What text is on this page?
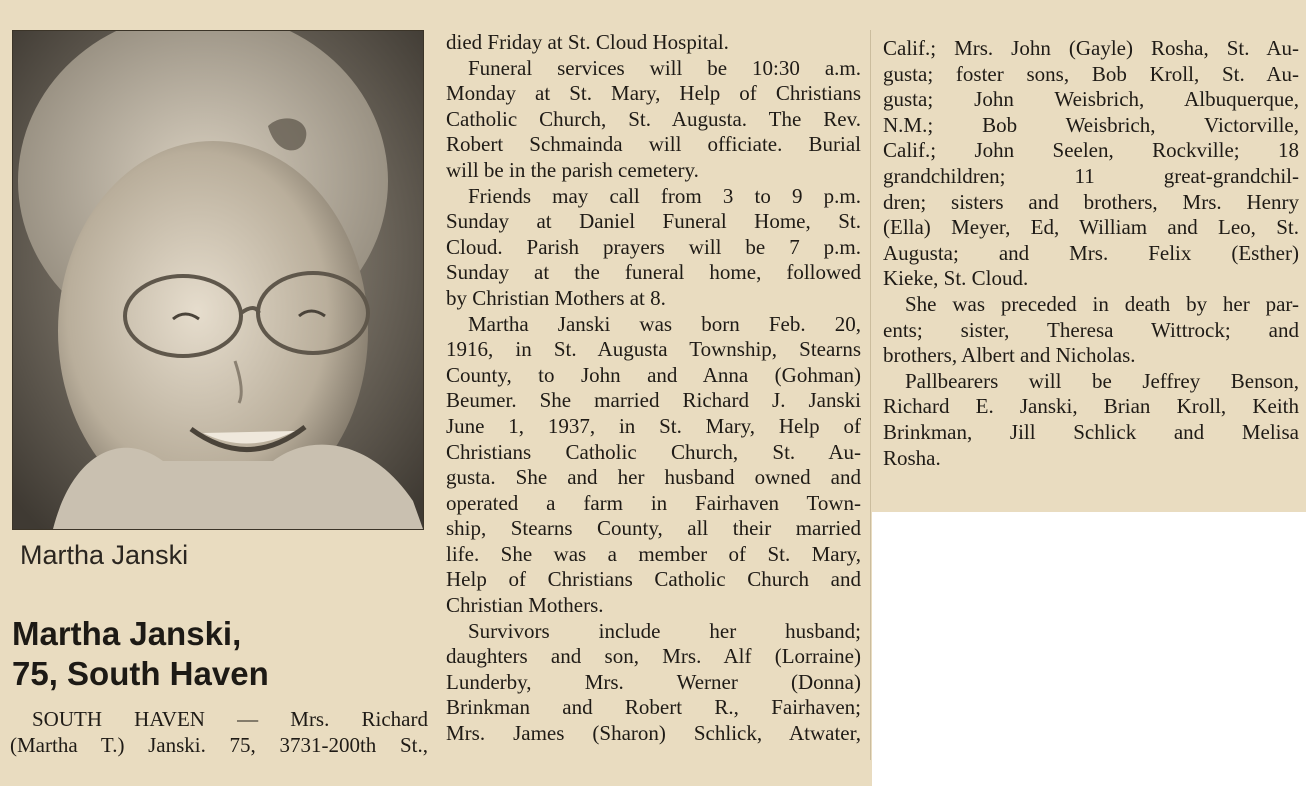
Martha Janski
Martha Janski,
75, South Haven
SOUTH HAVEN — Mrs. Richard
(Martha T.) Janski. 75, 3731-200th St.,
died Friday at St. Cloud Hospital.
Funeral services will be 10:30 a.m.
Monday at St. Mary, Help of Christians
Catholic Church, St. Augusta. The Rev.
Robert Schmainda will officiate. Burial
will be in the parish cemetery.
Friends may call from 3 to 9 p.m.
Sunday at Daniel Funeral Home, St.
Cloud. Parish prayers will be 7 p.m.
Sunday at the funeral home, followed
by Christian Mothers at 8.
Martha Janski was born Feb. 20,
1916, in St. Augusta Township, Stearns
County, to John and Anna (Gohman)
Beumer. She married Richard J. Janski
June 1, 1937, in St. Mary, Help of
Christians Catholic Church, St. Au-
gusta. She and her husband owned and
operated a farm in Fairhaven Town-
ship, Stearns County, all their married
life. She was a member of St. Mary,
Help of Christians Catholic Church and
Christian Mothers.
Survivors include her husband;
daughters and son, Mrs. Alf (Lorraine)
Lunderby, Mrs. Werner (Donna)
Brinkman and Robert R., Fairhaven;
Mrs. James (Sharon) Schlick, Atwater,
Calif.; Mrs. John (Gayle) Rosha, St. Au-
gusta; foster sons, Bob Kroll, St. Au-
gusta; John Weisbrich, Albuquerque,
N.M.; Bob Weisbrich, Victorville,
Calif.; John Seelen, Rockville; 18
grandchildren; 11 great-grandchil-
dren; sisters and brothers, Mrs. Henry
(Ella) Meyer, Ed, William and Leo, St.
Augusta; and Mrs. Felix (Esther)
Kieke, St. Cloud.
She was preceded in death by her par-
ents; sister, Theresa Wittrock; and
brothers, Albert and Nicholas.
Pallbearers will be Jeffrey Benson,
Richard E. Janski, Brian Kroll, Keith
Brinkman, Jill Schlick and Melisa
Rosha.
